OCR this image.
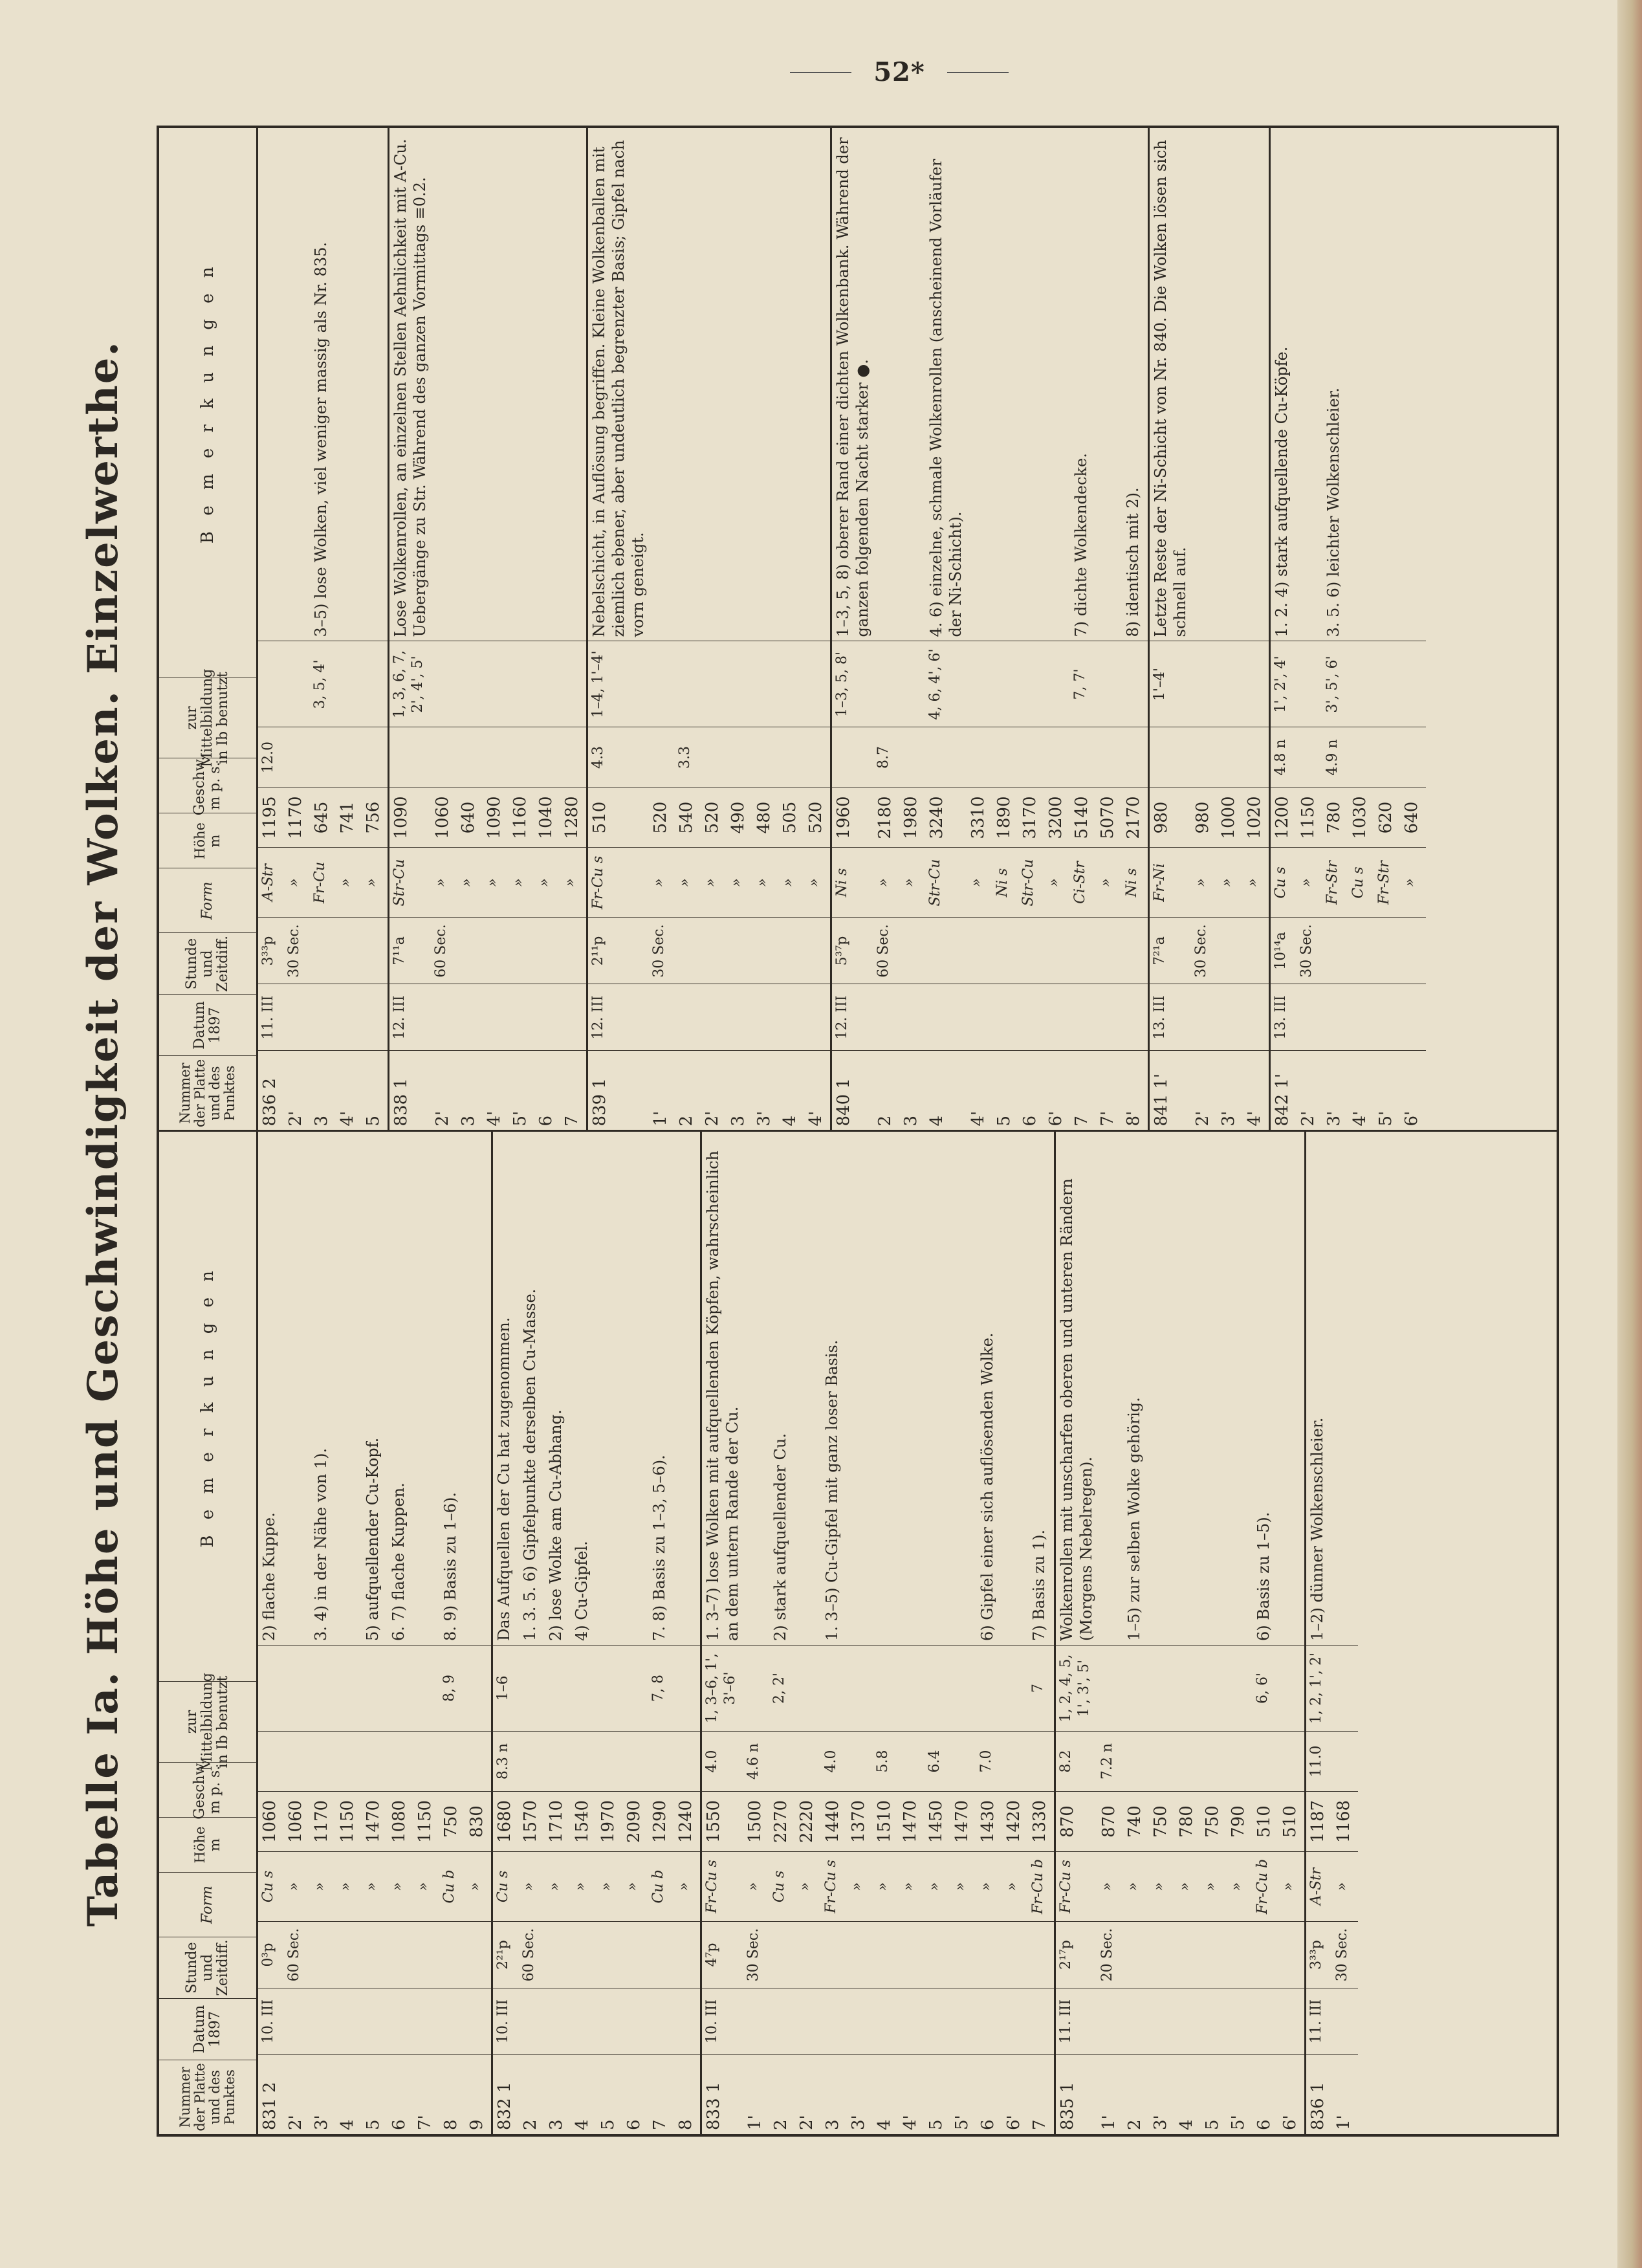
52*
Tabelle Ia. Höhe und Geschwindigkeit der Wolken. Einzelwerthe.
Nummer der Platte und des Punktes
Datum 1897
Stunde und Zeitdiff.
Form
Höhe m
Geschw. m p. s.
zur Mittelbildung in Ib benutzt
B e m e r k u n g e n
831 2
10. III
0³p
Cu s
1060
2) flache Kuppe.
2'
60 Sec.
»
1060
3'
»
1170
3. 4) in der Nähe von 1).
4
»
1150
5
»
1470
5) aufquellender Cu-Kopf.
6
»
1080
6. 7) flache Kuppen.
7'
»
1150
8
Cu b
750
8, 9
8. 9) Basis zu 1–6).
9
»
830
832 1
10. III
2²¹p
Cu s
1680
8.3 n
1–6
Das Aufquellen der Cu hat zugenommen.
2
60 Sec.
»
1570
1. 3. 5. 6) Gipfelpunkte derselben Cu-Masse.
3
»
1710
2) lose Wolke am Cu-Abhang.
4
»
1540
4) Cu-Gipfel.
5
»
1970
6
»
2090
7
Cu b
1290
7, 8
7. 8) Basis zu 1–3, 5–6).
8
»
1240
833 1
10. III
4⁷p
Fr-Cu s
1550
4.0
1, 3–6, 1', 3'–6'
1. 3–7) lose Wolken mit aufquellenden Köpfen, wahrscheinlich an dem untern Rande der Cu.
1'
30 Sec.
»
1500
4.6 n
2
Cu s
2270
2, 2'
2) stark aufquellender Cu.
2'
»
2220
3
Fr-Cu s
1440
4.0
1. 3–5) Cu-Gipfel mit ganz loser Basis.
3'
»
1370
4
»
1510
5.8
4'
»
1470
5
»
1450
6.4
5'
»
1470
6
»
1430
7.0
6) Gipfel einer sich auflösenden Wolke.
6'
»
1420
7
Fr-Cu b
1330
7
7) Basis zu 1).
835 1
11. III
2¹⁷p
Fr-Cu s
870
8.2
1, 2, 4, 5, 1', 3', 5'
Wolkenrollen mit unscharfen oberen und unteren Rändern (Morgens Nebelregen).
1'
20 Sec.
»
870
7.2 n
2
»
740
1–5) zur selben Wolke gehörig.
3'
»
750
4
»
780
5
»
750
5'
»
790
6
Fr-Cu b
510
6, 6'
6) Basis zu 1–5).
6'
»
510
836 1
11. III
3³³p
A-Str
1187
11.0
1, 2, 1', 2'
1–2) dünner Wolkenschleier.
1'
30 Sec.
»
1168
Nummer der Platte und des Punktes
Datum 1897
Stunde und Zeitdiff.
Form
Höhe m
Geschw. m p. s.
zur Mittelbildung in Ib benutzt
B e m e r k u n g e n
836 2
11. III
3³³p
A-Str
1195
12.0
2'
30 Sec.
»
1170
3
Fr-Cu
645
3, 5, 4'
3–5) lose Wolken, viel weniger massig als Nr. 835.
4'
»
741
5
»
756
838 1
12. III
7¹¹a
Str-Cu
1090
1, 3, 6, 7, 2', 4', 5'
Lose Wolkenrollen, an einzelnen Stellen Aehnlichkeit mit A-Cu. Uebergänge zu Str. Während des ganzen Vormittags ≡0.2.
2'
60 Sec.
»
1060
3
»
640
4'
»
1090
5'
»
1160
6
»
1040
7
»
1280
839 1
12. III
2¹¹p
Fr-Cu s
510
4.3
1–4, 1'–4'
Nebelschicht, in Auflösung begriffen. Kleine Wolkenballen mit ziemlich ebener, aber undeutlich begrenzter Basis; Gipfel nach vorn geneigt.
1'
30 Sec.
»
520
2
»
540
3.3
2'
»
520
3
»
490
3'
»
480
4
»
505
4'
»
520
840 1
12. III
5³⁷p
Ni s
1960
1–3, 5, 8'
1–3, 5, 8) oberer Rand einer dichten Wolkenbank. Während der ganzen folgenden Nacht starker ●.
2
60 Sec.
»
2180
8.7
3
»
1980
4
Str-Cu
3240
4, 6, 4', 6'
4. 6) einzelne, schmale Wolkenrollen (anscheinend Vorläufer der Ni-Schicht).
4'
»
3310
5
Ni s
1890
6
Str-Cu
3170
6'
»
3200
7
Ci-Str
5140
7, 7'
7) dichte Wolkendecke.
7'
»
5070
8'
Ni s
2170
8) identisch mit 2).
841 1'
13. III
7²¹a
Fr-Ni
980
1'–4'
Letzte Reste der Ni-Schicht von Nr. 840. Die Wolken lösen sich schnell auf.
2'
30 Sec.
»
980
3'
»
1000
4'
»
1020
842 1'
13. III
10¹⁴a
Cu s
1200
4.8 n
1', 2', 4'
1. 2. 4) stark aufquellende Cu-Köpfe.
2'
30 Sec.
»
1150
3'
Fr-Str
780
4.9 n
3', 5', 6'
3. 5. 6) leichter Wolkenschleier.
4'
Cu s
1030
5'
Fr-Str
620
6'
»
640
